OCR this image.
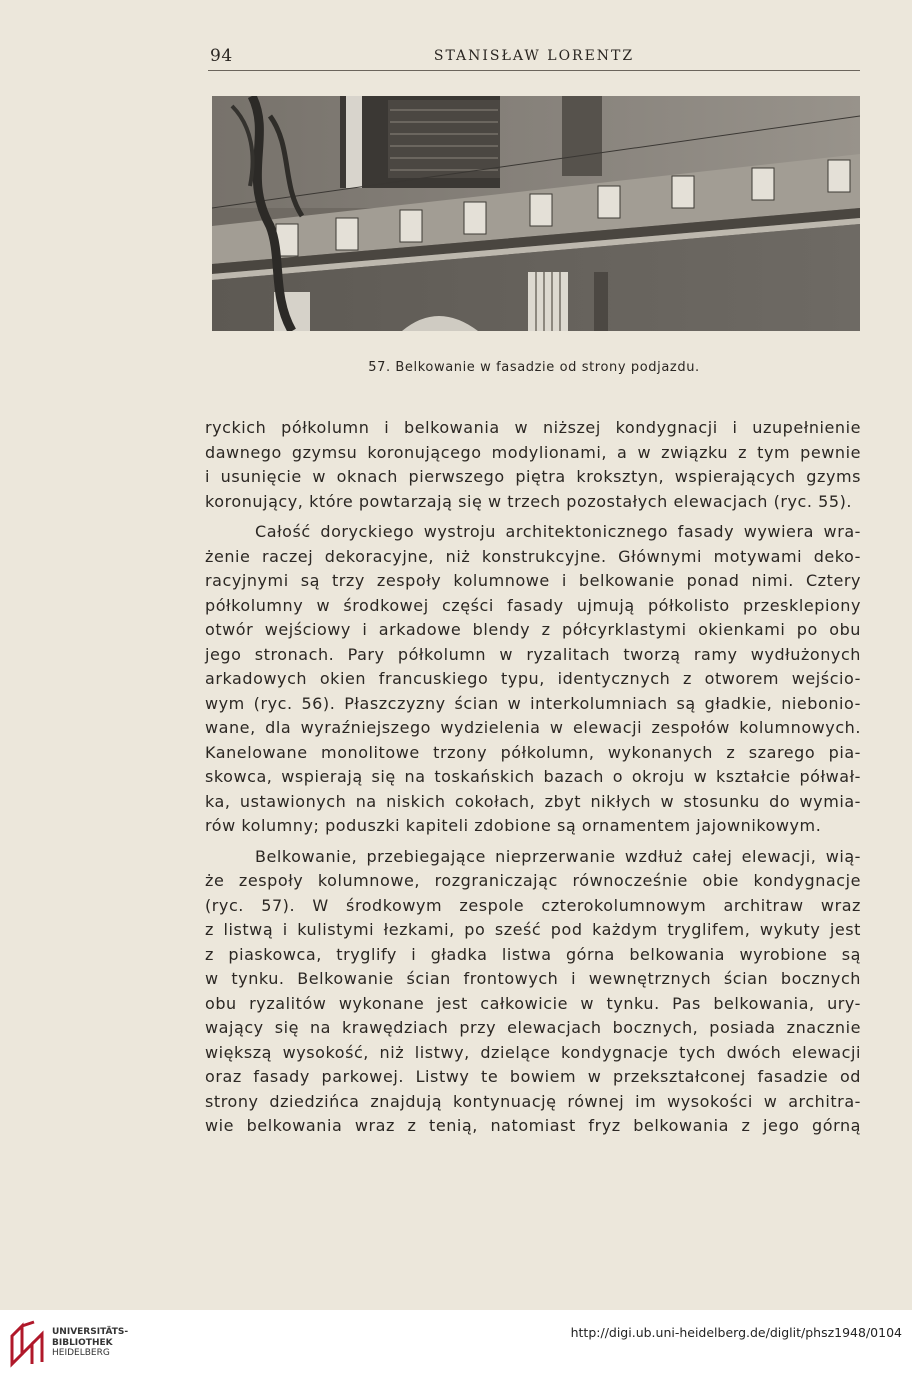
94	STANISŁAW LORENTZ
57. Belkowanie w fasadzie od strony podjazdu.

ryckich półkolumn i belkowania w niższej kondygnacji i uzupełnienie
dawnego gzymsu koronującego modylionami, a w związku z tym pewnie
i usunięcie w oknach pierwszego piętra kroksztyn, wspierających gzyms
koronujący, które powtarzają się w trzech pozostałych elewacjach (ryc. 55).

Całość doryckiego wystroju architektonicznego fasady wywiera wra-
żenie raczej dekoracyjne, niż konstrukcyjne. Głównymi motywami deko-
racyjnymi są trzy zespoły kolumnowe i belkowanie ponad nimi. Cztery
półkolumny w środkowej części fasady ujmują półkolisto przesklepiony
otwór wejściowy i arkadowe blendy z półcyrklastymi okienkami po obu
jego stronach. Pary półkolumn w ryzalitach tworzą ramy wydłużonych
arkadowych okien francuskiego typu, identycznych z otworem wejścio-
wym (ryc. 56). Płaszczyzny ścian w interkolumniach są gładkie, niebonio-
wane, dla wyraźniejszego wydzielenia w elewacji zespołów kolumnowych.
Kanelowane monolitowe trzony półkolumn, wykonanych z szarego pia-
skowca, wspierają się na toskańskich bazach o okroju w kształcie półwał-
ka, ustawionych na niskich cokołach, zbyt nikłych w stosunku do wymia-
rów kolumny; poduszki kapiteli zdobione są ornamentem jajownikowym.

Belkowanie, przebiegające nieprzerwanie wzdłuż całej elewacji, wią-
że zespoły kolumnowe, rozgraniczając równocześnie obie kondygnacje
(ryc. 57). W środkowym zespole czterokolumnowym architraw wraz
z listwą i kulistymi łezkami, po sześć pod każdym tryglifem, wykuty jest
z piaskowca, tryglify i gładka listwa górna belkowania wyrobione są
w tynku. Belkowanie ścian frontowych i wewnętrznych ścian bocznych
obu ryzalitów wykonane jest całkowicie w tynku. Pas belkowania, ury-
wający się na krawędziach przy elewacjach bocznych, posiada znacznie
większą wysokość, niż listwy, dzielące kondygnacje tych dwóch elewacji
oraz fasady parkowej. Listwy te bowiem w przekształconej fasadzie od
strony dziedzińca znajdują kontynuację równej im wysokości w architra-
wie belkowania wraz z tenią, natomiast fryz belkowania z jego górną

UNIVERSITÄTS-
BIBLIOTHEK
HEIDELBERG
http://digi.ub.uni-heidelberg.de/diglit/phsz1948/0104
